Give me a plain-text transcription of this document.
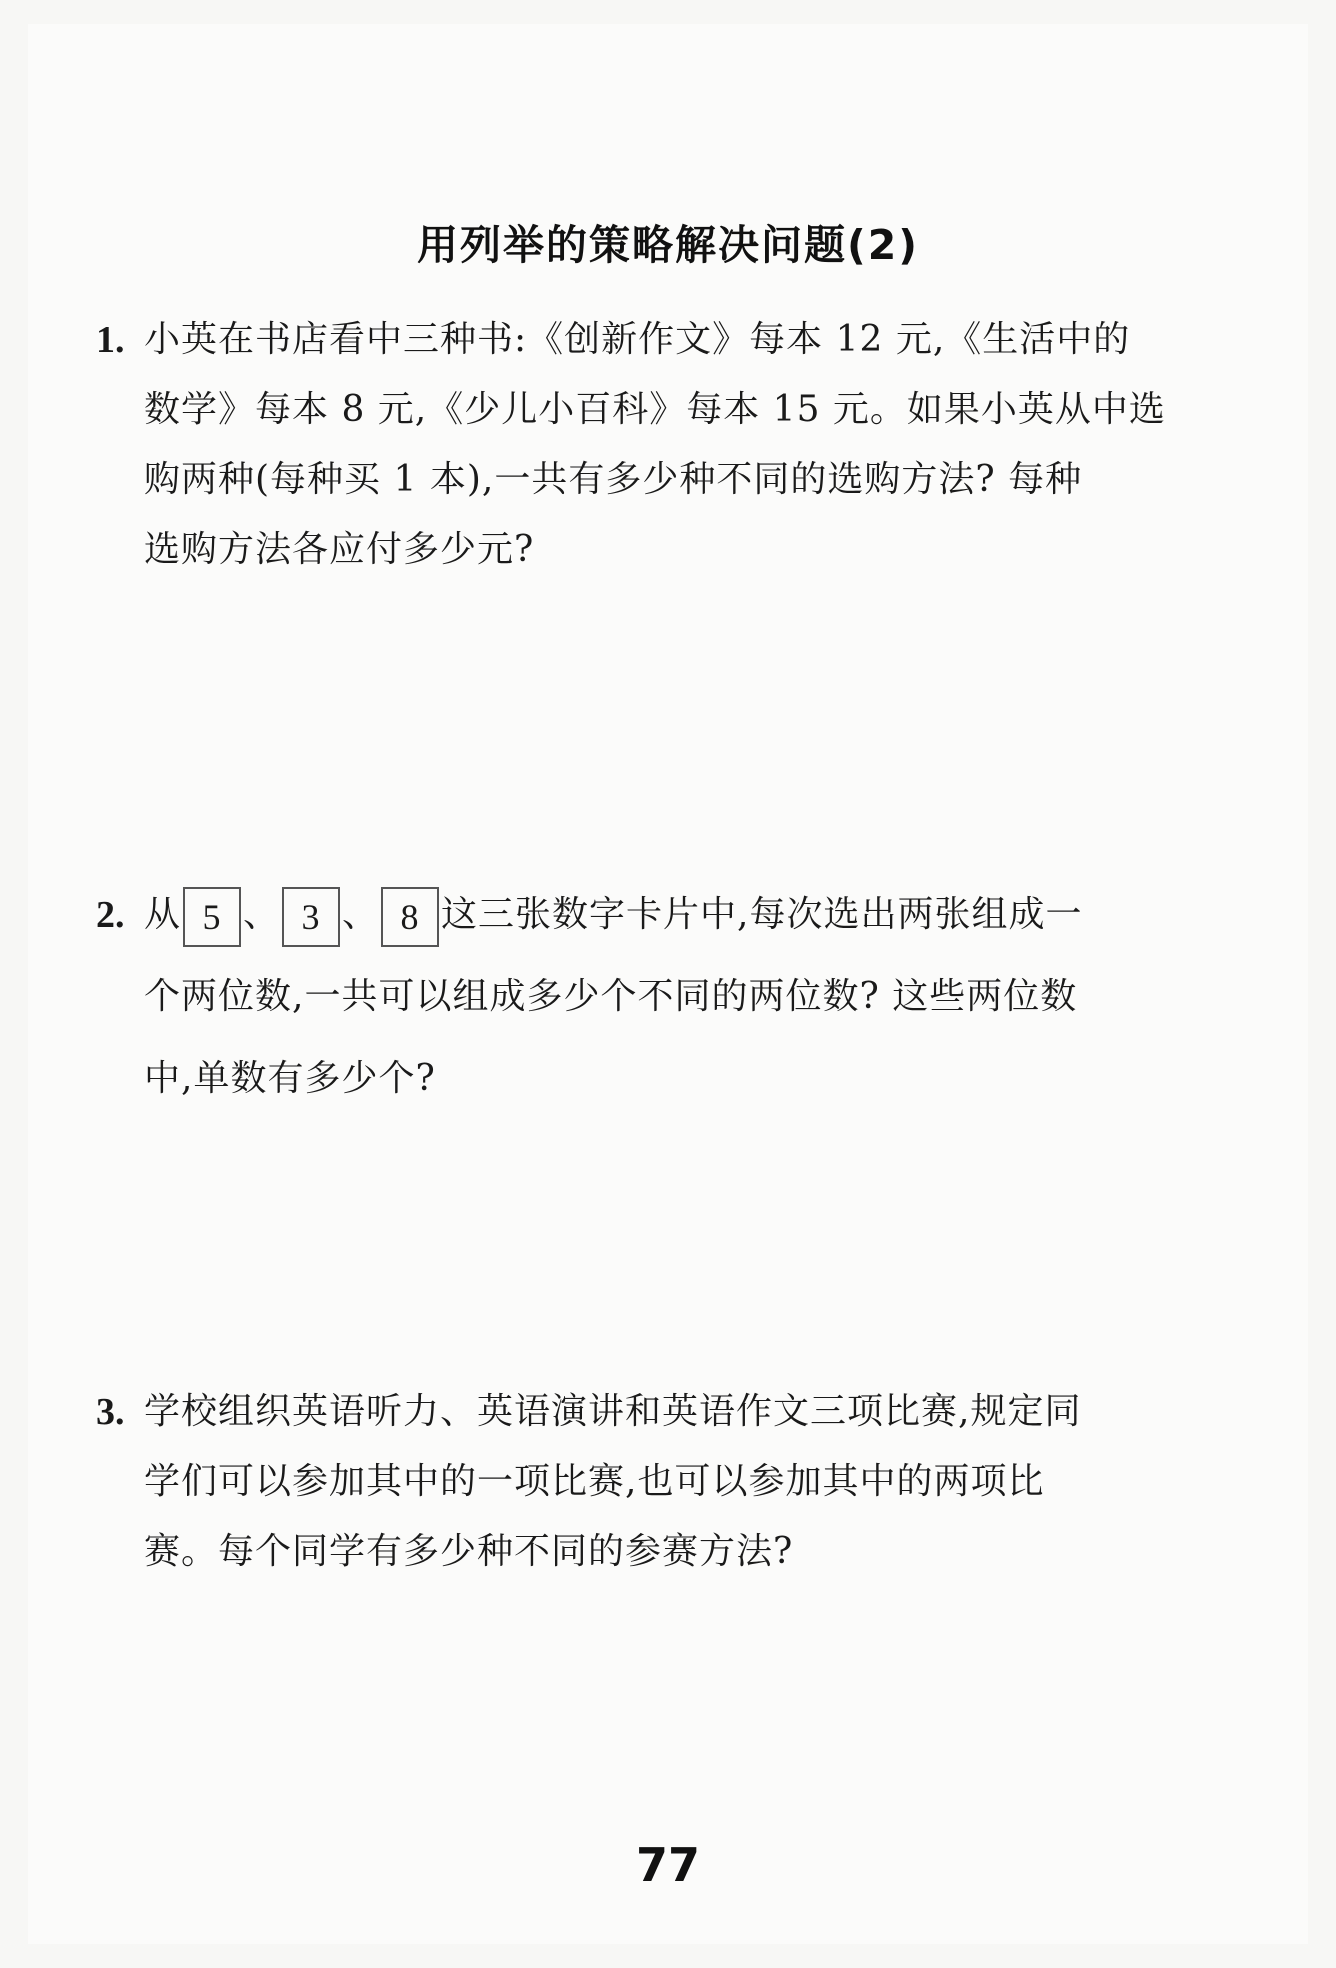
用列举的策略解决问题(2)
1. 小英在书店看中三种书:《创新作文》每本 12 元,《生活中的
数学》每本 8 元,《少儿小百科》每本 15 元。如果小英从中选
购两种(每种买 1 本),一共有多少种不同的选购方法? 每种
选购方法各应付多少元?
2. 从 5 、 3 、 8 这三张数字卡片中,每次选出两张组成一
个两位数,一共可以组成多少个不同的两位数? 这些两位数
中,单数有多少个?
3. 学校组织英语听力、英语演讲和英语作文三项比赛,规定同
学们可以参加其中的一项比赛,也可以参加其中的两项比
赛。每个同学有多少种不同的参赛方法?
77
